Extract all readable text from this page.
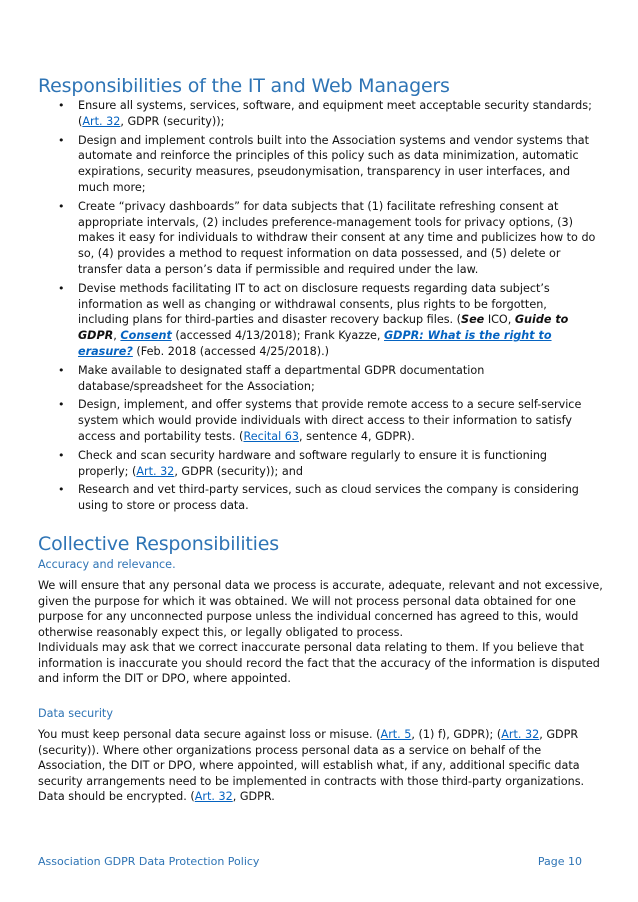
Responsibilities of the IT and Web Managers
• Ensure all systems, services, software, and equipment meet acceptable security standards; (Art. 32, GDPR (security));
• Design and implement controls built into the Association systems and vendor systems that automate and reinforce the principles of this policy such as data minimization, automatic expirations, security measures, pseudonymisation, transparency in user interfaces, and much more;
• Create “privacy dashboards” for data subjects that (1) facilitate refreshing consent at appropriate intervals, (2) includes preference-management tools for privacy options, (3) makes it easy for individuals to withdraw their consent at any time and publicizes how to do so, (4) provides a method to request information on data possessed, and (5) delete or transfer data a person’s data if permissible and required under the law.
• Devise methods facilitating IT to act on disclosure requests regarding data subject’s information as well as changing or withdrawal consents, plus rights to be forgotten, including plans for third-parties and disaster recovery backup files. (See ICO, Guide to GDPR, Consent (accessed 4/13/2018); Frank Kyazze, GDPR: What is the right to erasure? (Feb. 2018 (accessed 4/25/2018).)
• Make available to designated staff a departmental GDPR documentation database/spreadsheet for the Association;
• Design, implement, and offer systems that provide remote access to a secure self-service system which would provide individuals with direct access to their information to satisfy access and portability tests. (Recital 63, sentence 4, GDPR).
• Check and scan security hardware and software regularly to ensure it is functioning properly; (Art. 32, GDPR (security)); and
• Research and vet third-party services, such as cloud services the company is considering using to store or process data.
Collective Responsibilities
Accuracy and relevance.

We will ensure that any personal data we process is accurate, adequate, relevant and not excessive, given the purpose for which it was obtained. We will not process personal data obtained for one purpose for any unconnected purpose unless the individual concerned has agreed to this, would otherwise reasonably expect this, or legally obligated to process.

Individuals may ask that we correct inaccurate personal data relating to them. If you believe that information is inaccurate you should record the fact that the accuracy of the information is disputed and inform the DIT or DPO, where appointed.

Data security

You must keep personal data secure against loss or misuse. (Art. 5, (1) f), GDPR); (Art. 32, GDPR (security)). Where other organizations process personal data as a service on behalf of the Association, the DIT or DPO, where appointed, will establish what, if any, additional specific data security arrangements need to be implemented in contracts with those third-party organizations. Data should be encrypted. (Art. 32, GDPR.

Association GDPR Data Protection Policy	Page 10
